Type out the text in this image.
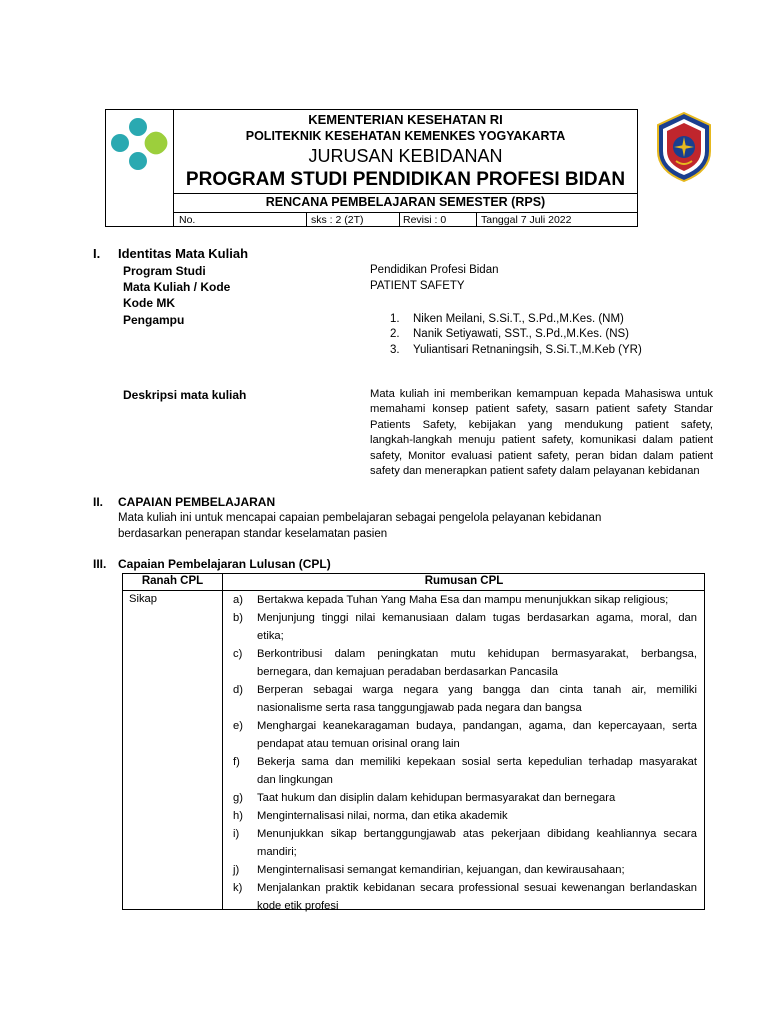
KEMENTERIAN KESEHATAN RI
POLITEKNIK KESEHATAN KEMENKES YOGYAKARTA
JURUSAN KEBIDANAN
PROGRAM STUDI PENDIDIKAN PROFESI BIDAN
RENCANA PEMBELAJARAN SEMESTER (RPS)
No.	sks : 2 (2T)	Revisi : 0	Tanggal 7 Juli 2022
I. Identitas Mata Kuliah
Program Studi	Pendidikan Profesi Bidan
Mata Kuliah / Kode	PATIENT SAFETY
Kode MK
Pengampu	1. Niken Meilani, S.Si.T., S.Pd.,M.Kes. (NM)
2. Nanik Setiyawati, SST., S.Pd.,M.Kes. (NS)
3. Yuliantisari Retnaningsih, S.Si.T.,M.Keb (YR)
Deskripsi mata kuliah	Mata kuliah ini memberikan kemampuan kepada Mahasiswa untuk
memahami konsep patient safety, sasarn patient safety Standar
Patients Safety, kebijakan yang mendukung patient safety,
langkah-langkah menuju patient safety, komunikasi dalam patient
safety, Monitor evaluasi patient safety, peran bidan dalam patient
safety dan menerapkan patient safety dalam pelayanan kebidanan
II. CAPAIAN PEMBELAJARAN
Mata kuliah ini untuk mencapai capaian pembelajaran sebagai pengelola pelayanan kebidanan
berdasarkan penerapan standar keselamatan pasien
III. Capaian Pembelajaran Lulusan (CPL)
Ranah CPL	Rumusan CPL
Sikap	a) Bertakwa kepada Tuhan Yang Maha Esa dan mampu menunjukkan sikap religious;
b) Menjunjung tinggi nilai kemanusiaan dalam tugas berdasarkan agama, moral, dan
etika;
c) Berkontribusi dalam peningkatan mutu kehidupan bermasyarakat, berbangsa,
bernegara, dan kemajuan peradaban berdasarkan Pancasila
d) Berperan sebagai warga negara yang bangga dan cinta tanah air, memiliki
nasionalisme serta rasa tanggungjawab pada negara dan bangsa
e) Menghargai keanekaragaman budaya, pandangan, agama, dan kepercayaan, serta
pendapat atau temuan orisinal orang lain
f) Bekerja sama dan memiliki kepekaan sosial serta kepedulian terhadap masyarakat
dan lingkungan
g) Taat hukum dan disiplin dalam kehidupan bermasyarakat dan bernegara
h) Menginternalisasi nilai, norma, dan etika akademik
i) Menunjukkan sikap bertanggungjawab atas pekerjaan dibidang keahliannya secara
mandiri;
j) Menginternalisasi semangat kemandirian, kejuangan, dan kewirausahaan;
k) Menjalankan praktik kebidanan secara professional sesuai kewenangan berlandaskan
kode etik profesi
